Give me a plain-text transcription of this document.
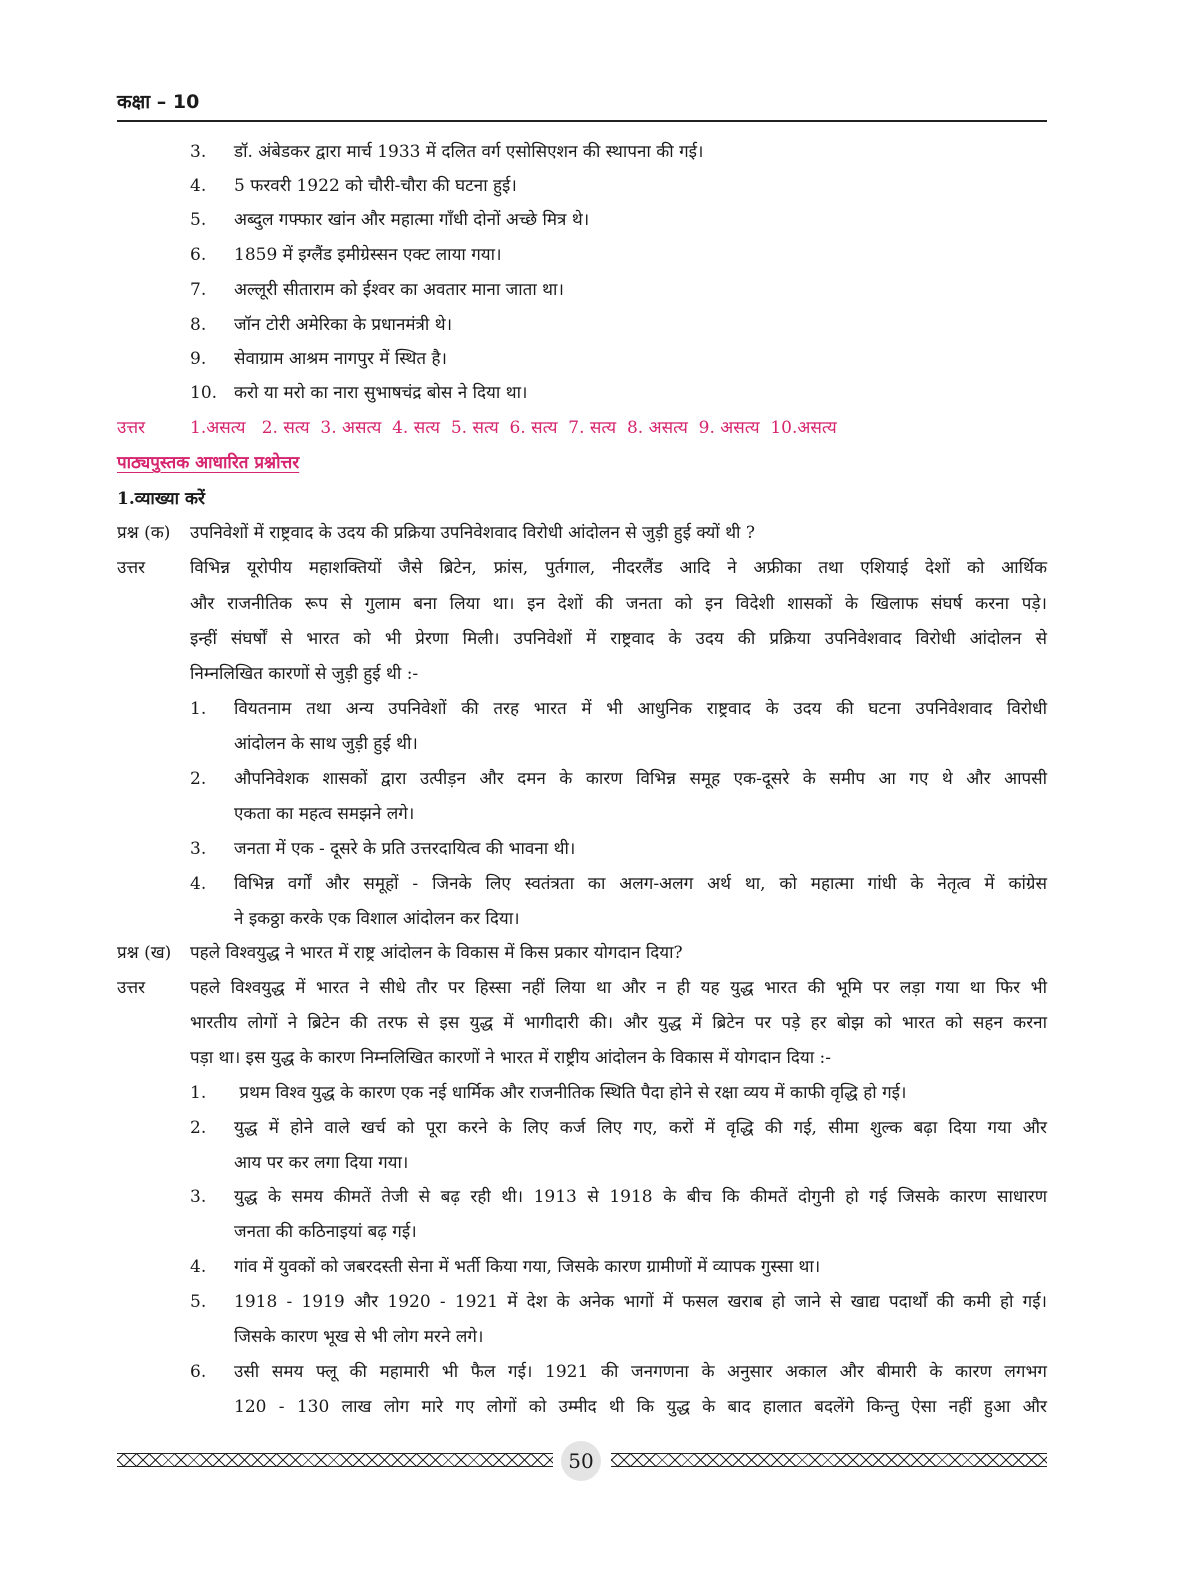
कक्षा – 10
3. डॉ. अंबेडकर द्वारा मार्च 1933 में दलित वर्ग एसोसिएशन की स्थापना की गई।
4. 5 फरवरी 1922 को चौरी-चौरा की घटना हुई।
5. अब्दुल गफ्फार खांन और महात्मा गाँधी दोनों अच्छे मित्र थे।
6. 1859 में इग्लैंड इमीग्रेस्सन एक्ट लाया गया।
7. अल्लूरी सीताराम को ईश्वर का अवतार माना जाता था।
8. जॉन टोरी अमेरिका के प्रधानमंत्री थे।
9. सेवाग्राम आश्रम नागपुर में स्थित है।
10. करो या मरो का नारा सुभाषचंद्र बोस ने दिया था।
उत्तर	1.असत्य   2. सत्य  3. असत्य  4. सत्य  5. सत्य  6. सत्य  7. सत्य  8. असत्य  9. असत्य  10.असत्य
पाठ्यपुस्तक आधारित प्रश्नोत्तर
1.व्याख्या करें
प्रश्न (क) उपनिवेशों में राष्ट्रवाद के उदय की प्रक्रिया उपनिवेशवाद विरोधी आंदोलन से जुड़ी हुई क्यों थी ?
उत्तर	विभिन्न यूरोपीय महाशक्तियों जैसे ब्रिटेन, फ्रांस, पुर्तगाल, नीदरलैंड आदि ने अफ्रीका तथा एशियाई देशों को आर्थिक
और राजनीतिक रूप से गुलाम बना लिया था। इन देशों की जनता को इन विदेशी शासकों के खिलाफ संघर्ष करना पड़े।
इन्हीं संघर्षों से भारत को भी प्रेरणा मिली। उपनिवेशों में राष्ट्रवाद के उदय की प्रक्रिया उपनिवेशवाद विरोधी आंदोलन से
निम्नलिखित कारणों से जुड़ी हुई थी :-
1. वियतनाम तथा अन्य उपनिवेशों की तरह भारत में भी आधुनिक राष्ट्रवाद के उदय की घटना उपनिवेशवाद विरोधी
आंदोलन के साथ जुड़ी हुई थी।
2. औपनिवेशक शासकों द्वारा उत्पीड़न और दमन के कारण विभिन्न समूह एक-दूसरे के समीप आ गए थे और आपसी
एकता का महत्व समझने लगे।
3. जनता में एक - दूसरे के प्रति उत्तरदायित्व की भावना थी।
4. विभिन्न वर्गों और समूहों - जिनके लिए स्वतंत्रता का अलग-अलग अर्थ था, को महात्मा गांधी के नेतृत्व में कांग्रेस
ने इकठ्ठा करके एक विशाल आंदोलन कर दिया।
प्रश्न (ख) पहले विश्वयुद्ध ने भारत में राष्ट्र आंदोलन के विकास में किस प्रकार योगदान दिया?
उत्तर	पहले विश्वयुद्ध में भारत ने सीधे तौर पर हिस्सा नहीं लिया था और न ही यह युद्ध भारत की भूमि पर लड़ा गया था फिर भी
भारतीय लोगों ने ब्रिटेन की तरफ से इस युद्ध में भागीदारी की। और युद्ध में ब्रिटेन पर पड़े हर बोझ को भारत को सहन करना
पड़ा था। इस युद्ध के कारण निम्नलिखित कारणों ने भारत में राष्ट्रीय आंदोलन के विकास में योगदान दिया :-
1. प्रथम विश्व युद्ध के कारण एक नई धार्मिक और राजनीतिक स्थिति पैदा होने से रक्षा व्यय में काफी वृद्धि हो गई।
2. युद्ध में होने वाले खर्च को पूरा करने के लिए कर्ज लिए गए, करों में वृद्धि की गई, सीमा शुल्क बढ़ा दिया गया और
आय पर कर लगा दिया गया।
3. युद्ध के समय कीमतें तेजी से बढ़ रही थी। 1913 से 1918 के बीच कि कीमतें दोगुनी हो गई जिसके कारण साधारण
जनता की कठिनाइयां बढ़ गई।
4. गांव में युवकों को जबरदस्ती सेना में भर्ती किया गया, जिसके कारण ग्रामीणों में व्यापक गुस्सा था।
5. 1918 - 1919 और 1920 - 1921 में देश के अनेक भागों में फसल खराब हो जाने से खाद्य पदार्थों की कमी हो गई।
जिसके कारण भूख से भी लोग मरने लगे।
6. उसी समय फ्लू की महामारी भी फैल गई। 1921 की जनगणना के अनुसार अकाल और बीमारी के कारण लगभग
120 - 130 लाख लोग मारे गए लोगों को उम्मीद थी कि युद्ध के बाद हालात बदलेंगे किन्तु ऐसा नहीं हुआ और
50
